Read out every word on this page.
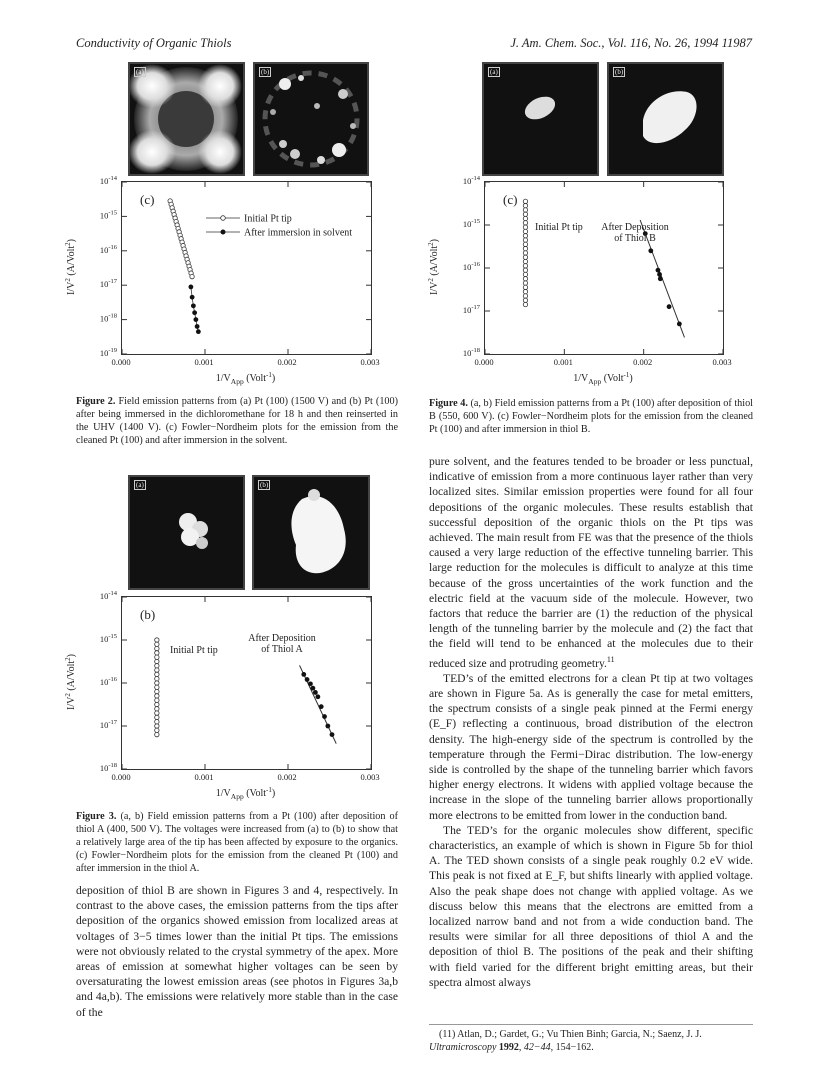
Conductivity of Organic Thiols	J. Am. Chem. Soc., Vol. 116, No. 26, 1994 11987
(a)	(b)
(c)
Initial Pt tip
After immersion in solvent
$10^{-14}$
$10^{-15}$
$10^{-16}$
$10^{-17}$
$10^{-18}$
$10^{-19}$
0.000	0.001	0.002	0.003
$1/V_{App}$ (Volt$^{-1}$)
$I/V^2$ (A/Volt$^2$)
Figure 2. Field emission patterns from (a) Pt (100) (1500 V) and (b) Pt (100) after being immersed in the dichloromethane for 18 h and then reinserted in the UHV (1400 V). (c) Fowler−Nordheim plots for the emission from the cleaned Pt (100) and after immersion in the solvent.
(a)	(b)
(b)
Initial Pt tip
After Deposition of Thiol A
$10^{-14}$
$10^{-15}$
$10^{-16}$
$10^{-17}$
$10^{-18}$
0.000	0.001	0.002	0.003
$1/V_{App}$ (Volt$^{-1}$)
$I/V^2$ (A/Volt$^2$)
Figure 3. (a, b) Field emission patterns from a Pt (100) after deposition of thiol A (400, 500 V). The voltages were increased from (a) to (b) to show that a relatively large area of the tip has been affected by exposure to the organics. (c) Fowler−Nordheim plots for the emission from the cleaned Pt (100) and after immersion in the thiol A.

deposition of thiol B are shown in Figures 3 and 4, respectively. In contrast to the above cases, the emission patterns from the tips after deposition of the organics showed emission from localized areas at voltages of 3−5 times lower than the initial Pt tips. The emissions were not obviously related to the crystal symmetry of the apex. More areas of emission at somewhat higher voltages can be seen by oversaturating the lowest emission areas (see photos in Figures 3a,b and 4a,b). The emissions were relatively more stable than in the case of the

(a)	(b)
(c)
Initial Pt tip After Deposition of Thiol B
$10^{-14}$
$10^{-15}$
$10^{-16}$
$10^{-17}$
$10^{-18}$
0.000	0.001	0.002	0.003
$1/V_{App}$ (Volt$^{-1}$)
$I/V^2$ (A/Volt$^2$)
Figure 4. (a, b) Field emission patterns from a Pt (100) after deposition of thiol B (550, 600 V). (c) Fowler−Nordheim plots for the emission from the cleaned Pt (100) and after immersion in thiol B.

pure solvent, and the features tended to be broader or less punctual, indicative of emission from a more continuous layer rather than very localized sites. Similar emission properties were found for all four depositions of the organic molecules. These results establish that successful deposition of the organic thiols on the Pt tips was achieved. The main result from FE was that the presence of the thiols caused a very large reduction of the effective tunneling barrier. This large reduction for the molecules is difficult to analyze at this time because of the gross uncertainties of the work function and the electric field at the vacuum side of the molecule. However, two factors that reduce the barrier are (1) the reduction of the physical length of the tunneling barrier by the molecule and (2) the fact that the field will tend to be enhanced at the molecules due to their reduced size and protruding geometry.$^{11}$

TED’s of the emitted electrons for a clean Pt tip at two voltages are shown in Figure 5a. As is generally the case for metal emitters, the spectrum consists of a single peak pinned at the Fermi energy (E_F) reflecting a continuous, broad distribution of the electron density. The high-energy side of the spectrum is controlled by the temperature through the Fermi−Dirac distribution. The low-energy side is controlled by the shape of the tunneling barrier which favors higher energy electrons. It widens with applied voltage because the increase in the slope of the tunneling barrier allows proportionally more electrons to be emitted from lower in the conduction band.

The TED’s for the organic molecules show different, specific characteristics, an example of which is shown in Figure 5b for thiol A. The TED shown consists of a single peak roughly 0.2 eV wide. This peak is not fixed at E_F, but shifts linearly with applied voltage. Also the peak shape does not change with applied voltage. As we discuss below this means that the electrons are emitted from a localized narrow band and not from a wide conduction band. The results were similar for all three depositions of thiol A and the deposition of thiol B. The positions of the peak and their shifting with field varied for the different bright emitting areas, but their spectra almost always

(11) Atlan, D.; Gardet, G.; Vu Thien Binh; Garcia, N.; Saenz, J. J. Ultramicroscopy 1992, 42−44, 154−162.
